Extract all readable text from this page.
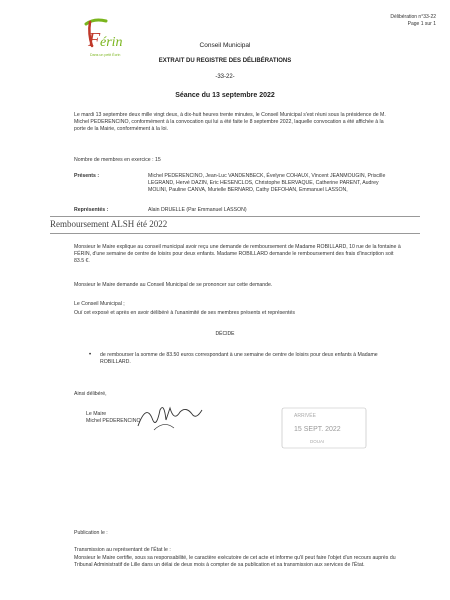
F érin
Dans un petit Écrin
Délibération n°33-22
Page 1 sur 1
Conseil Municipal
EXTRAIT DU REGISTRE DES DÉLIBÉRATIONS
-33-22-
Séance du 13 septembre 2022
Le mardi 13 septembre deux mille vingt deux, à dix-huit heures trente minutes, le Conseil Municipal s'est réuni sous la présidence de M. Michel PEDERENCINO, conformément à la convocation qui lui a été faite le 8 septembre 2022, laquelle convocation a été affichée à la porte de la Mairie, conformément à la loi.
Nombre de membres en exercice : 15
Présents :	Michel PEDERENCINO, Jean-Luc VANDENBECK, Évelyne COHAUX, Vincent JEANMOUGIN, Priscille LEGRAND, Hervé DAZIN, Eric HESENCLOS, Christophe BLERVAQUE, Catherine PARENT, Audrey MOLINI, Pauline CANVA, Murielle BERNARD, Cathy DEFOHAN, Emmanuel LASSON,
Représentés :	Alain DRUELLE (Par Emmanuel LASSON)
Remboursement ALSH été 2022
Monsieur le Maire explique au conseil municipal avoir reçu une demande de remboursement de Madame ROBILLARD, 10 rue de la fontaine à FÉRIN, d'une semaine de centre de loisirs pour deux enfants. Madame ROBILLARD demande le remboursement des frais d'inscription soit 83.5 €.
Monsieur le Maire demande au Conseil Municipal de se prononcer sur cette demande.
Le Conseil Municipal ;
Ouï cet exposé et après en avoir délibéré à l'unanimité de ses membres présents et représentés
DÉCIDE
•	de rembourser la somme de 83.50 euros correspondant à une semaine de centre de loisirs pour deux enfants à Madame ROBILLARD.
Ainsi délibéré,
Le Maire
Michel PEDERENCINO
ARRIVÉE
15 SEPT. 2022
DOUAI
Publication le :
Transmission au représentant de l'État le :
Monsieur le Maire certifie, sous sa responsabilité, le caractère exécutoire de cet acte et informe qu'il peut faire l'objet d'un recours auprès du Tribunal Administratif de Lille dans un délai de deux mois à compter de sa publication et sa transmission aux services de l'État.
